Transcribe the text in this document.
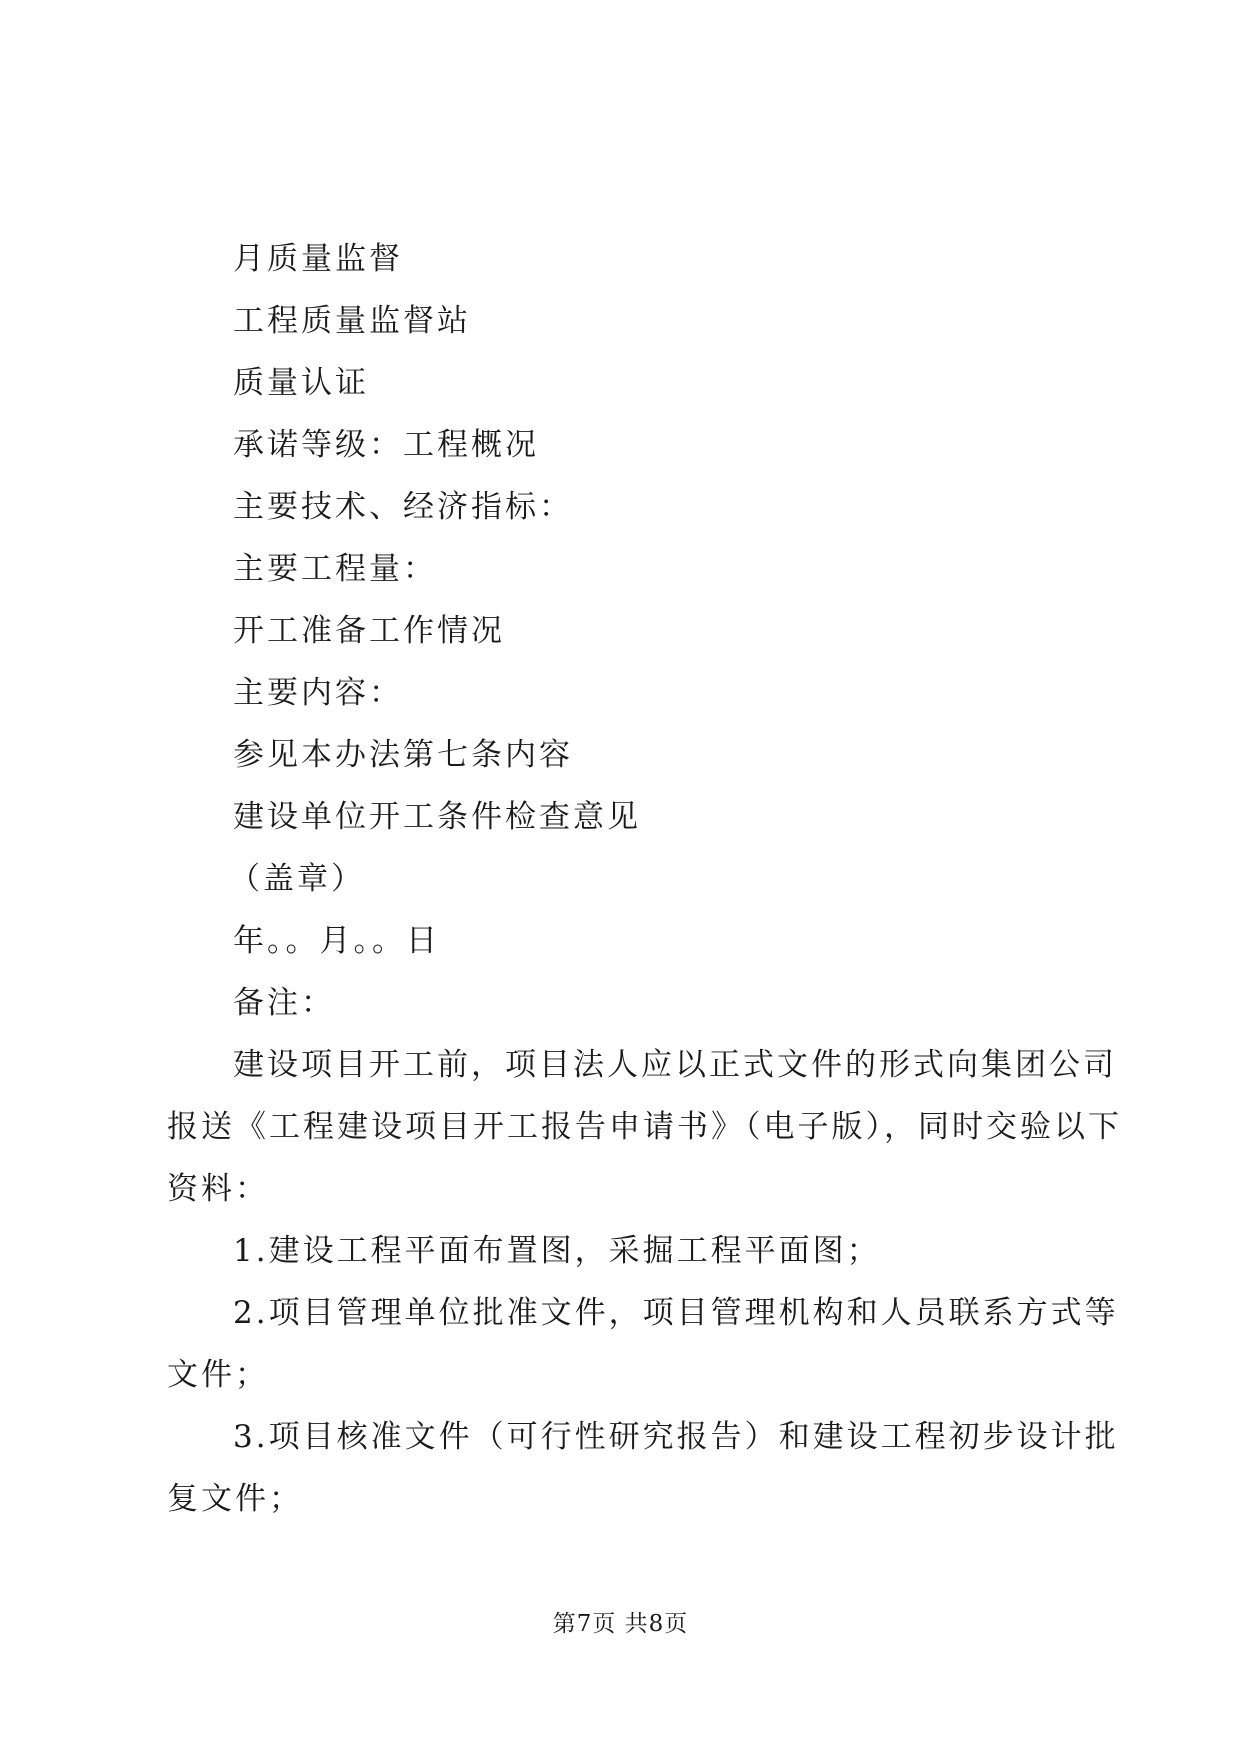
月质量监督
工程质量监督站
质量认证
承诺等级：工程概况
主要技术、经济指标：
主要工程量：
开工准备工作情况
主要内容：
参见本办法第七条内容
建设单位开工条件检查意见
（盖章）
年。。月。。日
备注：
建设项目开工前，项目法人应以正式文件的形式向集团公司
报送《工程建设项目开工报告申请书》（电子版），同时交验以下
资料：
1.建设工程平面布置图，采掘工程平面图；
2.项目管理单位批准文件，项目管理机构和人员联系方式等
文件；
3.项目核准文件（可行性研究报告）和建设工程初步设计批
复文件；
第7页 共8页
